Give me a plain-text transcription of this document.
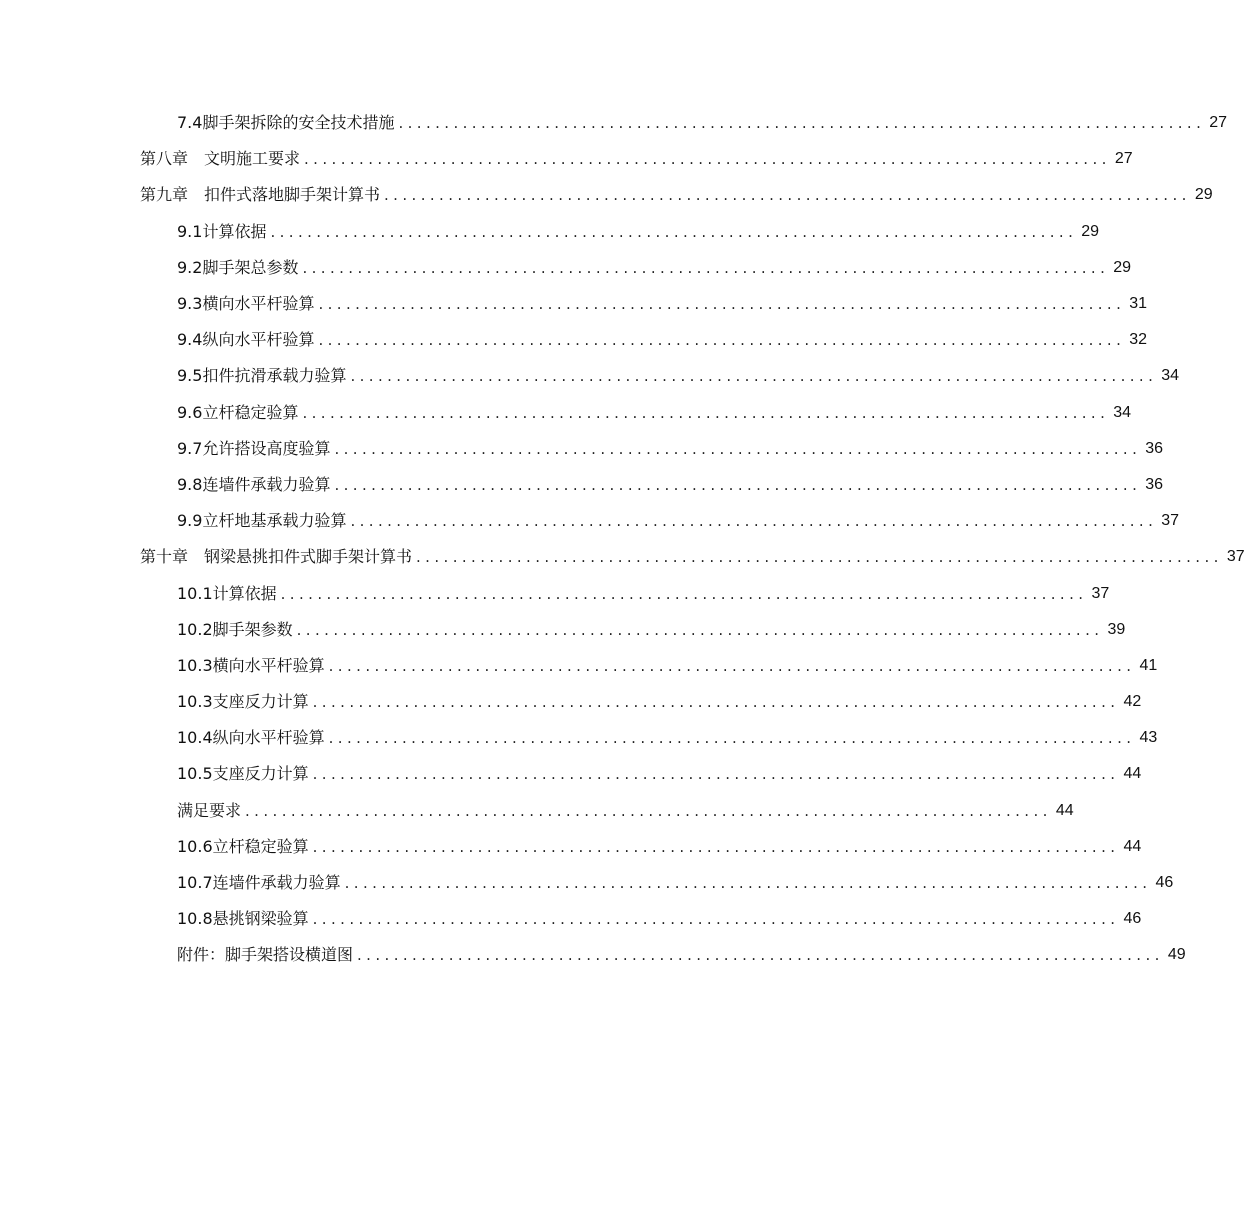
7.4脚手架拆除的安全技术措施 ........................................................................................ 27
第八章　文明施工要求 ........................................................................................ 27
第九章　扣件式落地脚手架计算书 ........................................................................................ 29
9.1计算依据 ........................................................................................ 29
9.2脚手架总参数 ........................................................................................ 29
9.3横向水平杆验算 ........................................................................................ 31
9.4纵向水平杆验算 ........................................................................................ 32
9.5扣件抗滑承载力验算 ........................................................................................ 34
9.6立杆稳定验算 ........................................................................................ 34
9.7允许搭设高度验算 ........................................................................................ 36
9.8连墙件承载力验算 ........................................................................................ 36
9.9立杆地基承载力验算 ........................................................................................ 37
第十章　钢梁悬挑扣件式脚手架计算书 ........................................................................................ 37
10.1计算依据 ........................................................................................ 37
10.2脚手架参数 ........................................................................................ 39
10.3横向水平杆验算 ........................................................................................ 41
10.3支座反力计算 ........................................................................................ 42
10.4纵向水平杆验算 ........................................................................................ 43
10.5支座反力计算 ........................................................................................ 44
满足要求 ........................................................................................ 44
10.6立杆稳定验算 ........................................................................................ 44
10.7连墙件承载力验算 ........................................................................................ 46
10.8悬挑钢梁验算 ........................................................................................ 46
附件：脚手架搭设横道图 ........................................................................................ 49
